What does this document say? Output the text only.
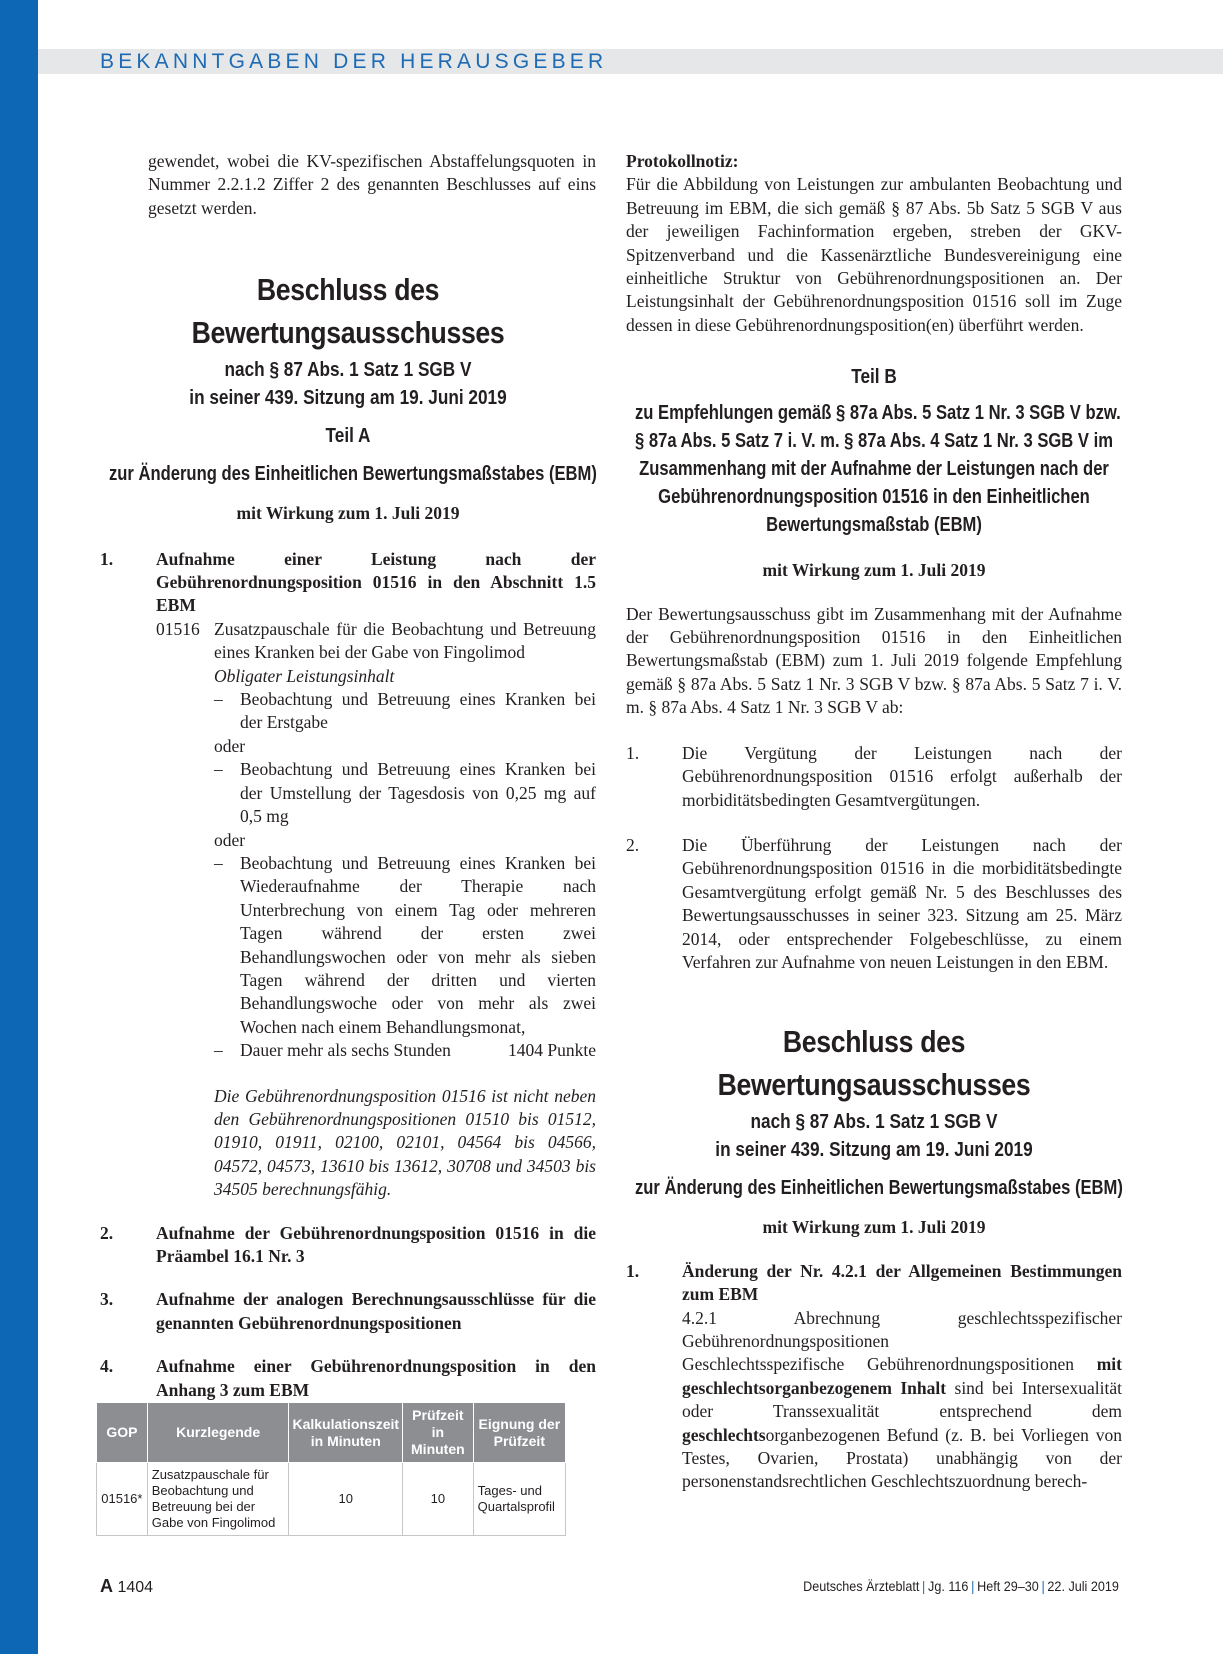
BEKANNTGABEN DER HERAUSGEBER

gewendet, wobei die KV-spezifischen Abstaffelungsquoten in Nummer 2.2.1.2 Ziffer 2 des genannten Beschlusses auf eins gesetzt werden.

Beschluss des
Bewertungsausschusses
nach § 87 Abs. 1 Satz 1 SGB V
in seiner 439. Sitzung am 19. Juni 2019
Teil A
zur Änderung des Einheitlichen Bewertungsmaßstabes (EBM)

mit Wirkung zum 1. Juli 2019

1.	Aufnahme einer Leistung nach der Gebührenordnungsposition 01516 in den Abschnitt 1.5 EBM
01516 Zusatzpauschale für die Beobachtung und Betreuung eines Kranken bei der Gabe von Fingolimod

Obligater Leistungsinhalt

– Beobachtung und Betreuung eines Kranken bei der Erstgabe

oder

– Beobachtung und Betreuung eines Kranken bei der Umstellung der Tagesdosis von 0,25 mg auf 0,5 mg

oder

– Beobachtung und Betreuung eines Kranken bei Wiederaufnahme der Therapie nach Unterbrechung von einem Tag oder mehreren Tagen während der ersten zwei Behandlungswochen oder von mehr als sieben Tagen während der dritten und vierten Behandlungswoche oder von mehr als zwei Wochen nach einem Behandlungsmonat,
– Dauer mehr als sechs Stunden	1404 Punkte

Die Gebührenordnungsposition 01516 ist nicht neben den Gebührenordnungspositionen 01510 bis 01512, 01910, 01911, 02100, 02101, 04564 bis 04566, 04572, 04573, 13610 bis 13612, 30708 und 34503 bis 34505 berechnungsfähig.

2.	Aufnahme der Gebührenordnungsposition 01516 in die Präambel 16.1 Nr. 3
3.	Aufnahme der analogen Berechnungsausschlüsse für die genannten Gebührenordnungspositionen
4.	Aufnahme einer Gebührenordnungsposition in den Anhang 3 zum EBM
GOP	Kurzlegende	Kalkulationszeit in Minuten	Prüfzeit in Minuten	Eignung der Prüfzeit
01516*	Zusatzpauschale für Beobachtung und Betreuung bei der Gabe von Fingolimod	10	10	Tages- und Quartalsprofil

Protokollnotiz:

Für die Abbildung von Leistungen zur ambulanten Beobachtung und Betreuung im EBM, die sich gemäß § 87 Abs. 5b Satz 5 SGB V aus der jeweiligen Fachinformation ergeben, streben der GKV-Spitzenverband und die Kassenärztliche Bundesvereinigung eine einheitliche Struktur von Gebührenordnungspositionen an. Der Leistungsinhalt der Gebührenordnungsposition 01516 soll im Zuge dessen in diese Gebührenordnungsposition(en) überführt werden.

Teil B
zu Empfehlungen gemäß § 87a Abs. 5 Satz 1 Nr. 3 SGB V bzw.
§ 87a Abs. 5 Satz 7 i. V. m. § 87a Abs. 4 Satz 1 Nr. 3 SGB V im
Zusammenhang mit der Aufnahme der Leistungen nach der
Gebührenordnungsposition 01516 in den Einheitlichen
Bewertungsmaßstab (EBM)

mit Wirkung zum 1. Juli 2019

Der Bewertungsausschuss gibt im Zusammenhang mit der Aufnahme der Gebührenordnungsposition 01516 in den Einheitlichen Bewertungsmaßstab (EBM) zum 1. Juli 2019 folgende Empfehlung gemäß § 87a Abs. 5 Satz 1 Nr. 3 SGB V bzw. § 87a Abs. 5 Satz 7 i. V. m. § 87a Abs. 4 Satz 1 Nr. 3 SGB V ab:

1.	Die Vergütung der Leistungen nach der Gebührenordnungsposition 01516 erfolgt außerhalb der morbiditätsbedingten Gesamtvergütungen.
2.	Die Überführung der Leistungen nach der Gebührenordnungsposition 01516 in die morbiditätsbedingte Gesamtvergütung erfolgt gemäß Nr. 5 des Beschlusses des Bewertungsausschusses in seiner 323. Sitzung am 25. März 2014, oder entsprechender Folgebeschlüsse, zu einem Verfahren zur Aufnahme von neuen Leistungen in den EBM.
Beschluss des
Bewertungsausschusses
nach § 87 Abs. 1 Satz 1 SGB V
in seiner 439. Sitzung am 19. Juni 2019
zur Änderung des Einheitlichen Bewertungsmaßstabes (EBM)

mit Wirkung zum 1. Juli 2019

1.	Änderung der Nr. 4.2.1 der Allgemeinen Bestimmungen zum EBM

4.2.1 Abrechnung geschlechtsspezifischer Gebührenordnungspositionen

Geschlechtsspezifische Gebührenordnungspositionen mit geschlechtsorganbezogenem Inhalt sind bei Intersexualität oder Transsexualität entsprechend dem geschlechtsorganbezogenen Befund (z. B. bei Vorliegen von Testes, Ovarien, Prostata) unabhängig von der personenstandsrechtlichen Geschlechtszuordnung berech-

A 1404	Deutsches Ärzteblatt | Jg. 116 | Heft 29–30 | 22. Juli 2019
